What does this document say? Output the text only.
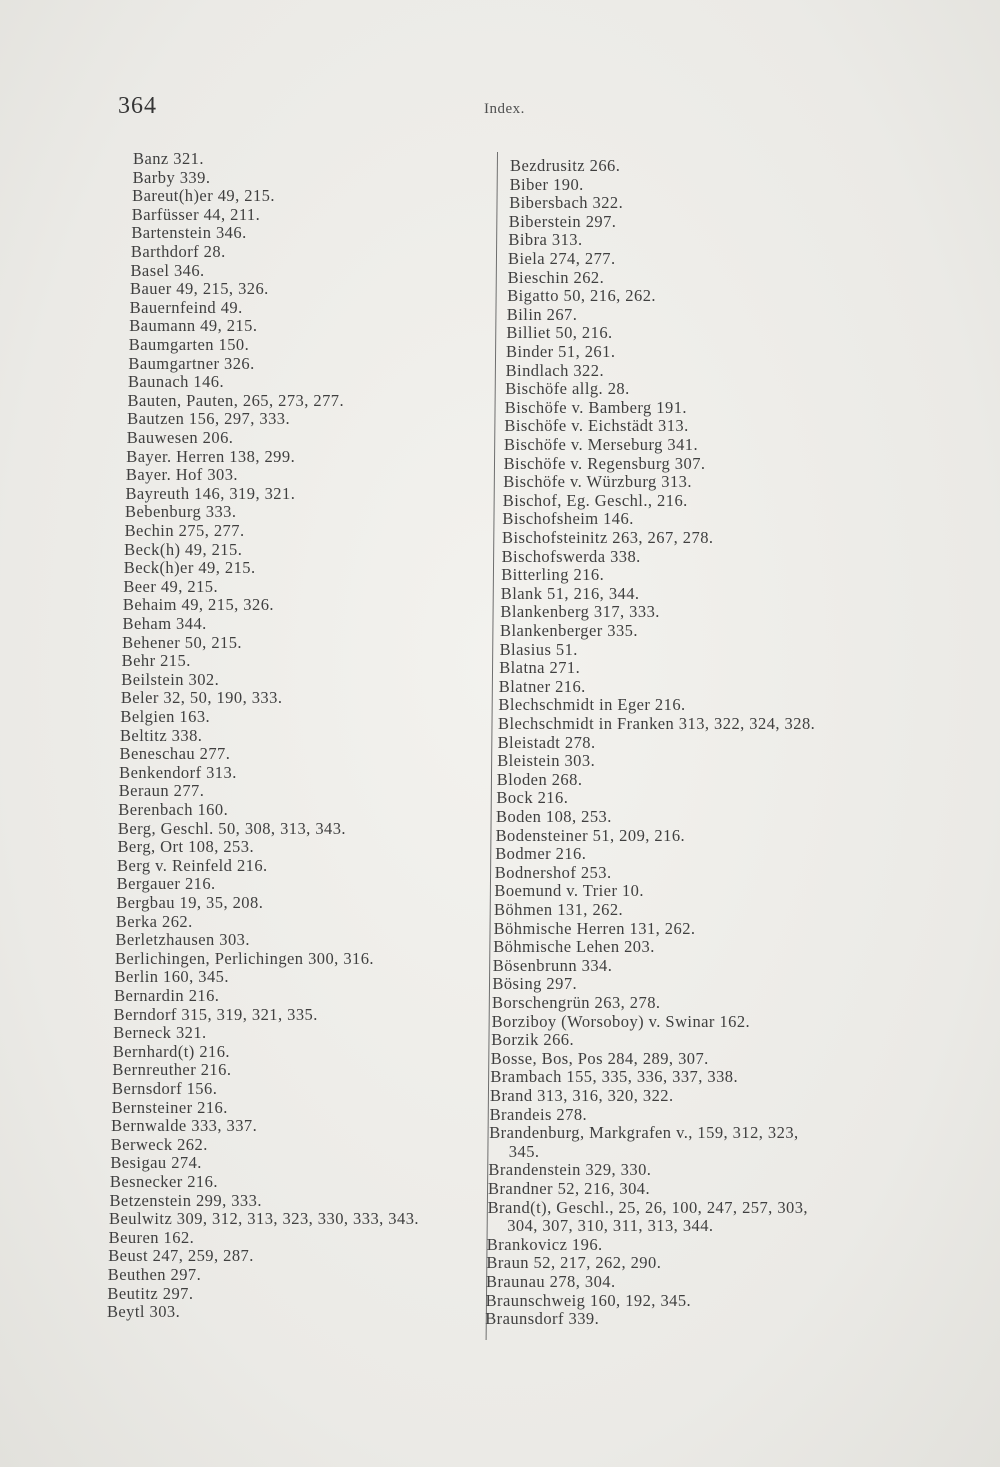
364	Index.
Banz 321.
Barby 339.
Bareut(h)er 49, 215.
Barfüsser 44, 211.
Bartenstein 346.
Barthdorf 28.
Basel 346.
Bauer 49, 215, 326.
Bauernfeind 49.
Baumann 49, 215.
Baumgarten 150.
Baumgartner 326.
Baunach 146.
Bauten, Pauten, 265, 273, 277.
Bautzen 156, 297, 333.
Bauwesen 206.
Bayer. Herren 138, 299.
Bayer. Hof 303.
Bayreuth 146, 319, 321.
Bebenburg 333.
Bechin 275, 277.
Beck(h) 49, 215.
Beck(h)er 49, 215.
Beer 49, 215.
Behaim 49, 215, 326.
Beham 344.
Behener 50, 215.
Behr 215.
Beilstein 302.
Beler 32, 50, 190, 333.
Belgien 163.
Beltitz 338.
Beneschau 277.
Benkendorf 313.
Beraun 277.
Berenbach 160.
Berg, Geschl. 50, 308, 313, 343.
Berg, Ort 108, 253.
Berg v. Reinfeld 216.
Bergauer 216.
Bergbau 19, 35, 208.
Berka 262.
Berletzhausen 303.
Berlichingen, Perlichingen 300, 316.
Berlin 160, 345.
Bernardin 216.
Berndorf 315, 319, 321, 335.
Berneck 321.
Bernhard(t) 216.
Bernreuther 216.
Bernsdorf 156.
Bernsteiner 216.
Bernwalde 333, 337.
Berweck 262.
Besigau 274.
Besnecker 216.
Betzenstein 299, 333.
Beulwitz 309, 312, 313, 323, 330, 333, 343.
Beuren 162.
Beust 247, 259, 287.
Beuthen 297.
Beutitz 297.
Beytl 303.
Bezdrusitz 266.
Biber 190.
Bibersbach 322.
Biberstein 297.
Bibra 313.
Biela 274, 277.
Bieschin 262.
Bigatto 50, 216, 262.
Bilin 267.
Billiet 50, 216.
Binder 51, 261.
Bindlach 322.
Bischöfe allg. 28.
Bischöfe v. Bamberg 191.
Bischöfe v. Eichstädt 313.
Bischöfe v. Merseburg 341.
Bischöfe v. Regensburg 307.
Bischöfe v. Würzburg 313.
Bischof, Eg. Geschl., 216.
Bischofsheim 146.
Bischofsteinitz 263, 267, 278.
Bischofswerda 338.
Bitterling 216.
Blank 51, 216, 344.
Blankenberg 317, 333.
Blankenberger 335.
Blasius 51.
Blatna 271.
Blatner 216.
Blechschmidt in Eger 216.
Blechschmidt in Franken 313, 322, 324, 328.
Bleistadt 278.
Bleistein 303.
Bloden 268.
Bock 216.
Boden 108, 253.
Bodensteiner 51, 209, 216.
Bodmer 216.
Bodnershof 253.
Boemund v. Trier 10.
Böhmen 131, 262.
Böhmische Herren 131, 262.
Böhmische Lehen 203.
Bösenbrunn 334.
Bösing 297.
Borschengrün 263, 278.
Borziboy (Worsoboy) v. Swinar 162.
Borzik 266.
Bosse, Bos, Pos 284, 289, 307.
Brambach 155, 335, 336, 337, 338.
Brand 313, 316, 320, 322.
Brandeis 278.
Brandenburg, Markgrafen v., 159, 312, 323,
345.
Brandenstein 329, 330.
Brandner 52, 216, 304.
Brand(t), Geschl., 25, 26, 100, 247, 257, 303,
304, 307, 310, 311, 313, 344.
Brankovicz 196.
Braun 52, 217, 262, 290.
Braunau 278, 304.
Braunschweig 160, 192, 345.
Braunsdorf 339.
